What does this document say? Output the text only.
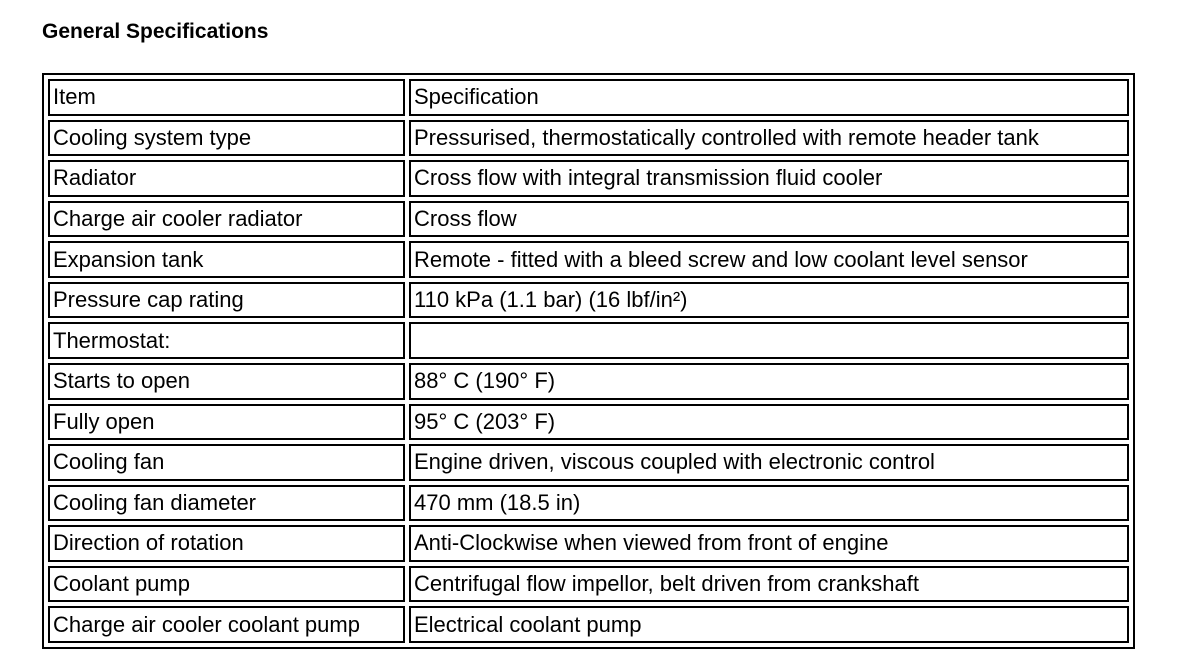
General Specifications
Item	Specification
Cooling system type	Pressurised, thermostatically controlled with remote header tank
Radiator	Cross flow with integral transmission fluid cooler
Charge air cooler radiator	Cross flow
Expansion tank	Remote - fitted with a bleed screw and low coolant level sensor
Pressure cap rating	110 kPa (1.1 bar) (16 lbf/in²)
Thermostat:	
Starts to open	88° C (190° F)
Fully open	95° C (203° F)
Cooling fan	Engine driven, viscous coupled with electronic control
Cooling fan diameter	470 mm (18.5 in)
Direction of rotation	Anti-Clockwise when viewed from front of engine
Coolant pump	Centrifugal flow impellor, belt driven from crankshaft
Charge air cooler coolant pump	Electrical coolant pump
